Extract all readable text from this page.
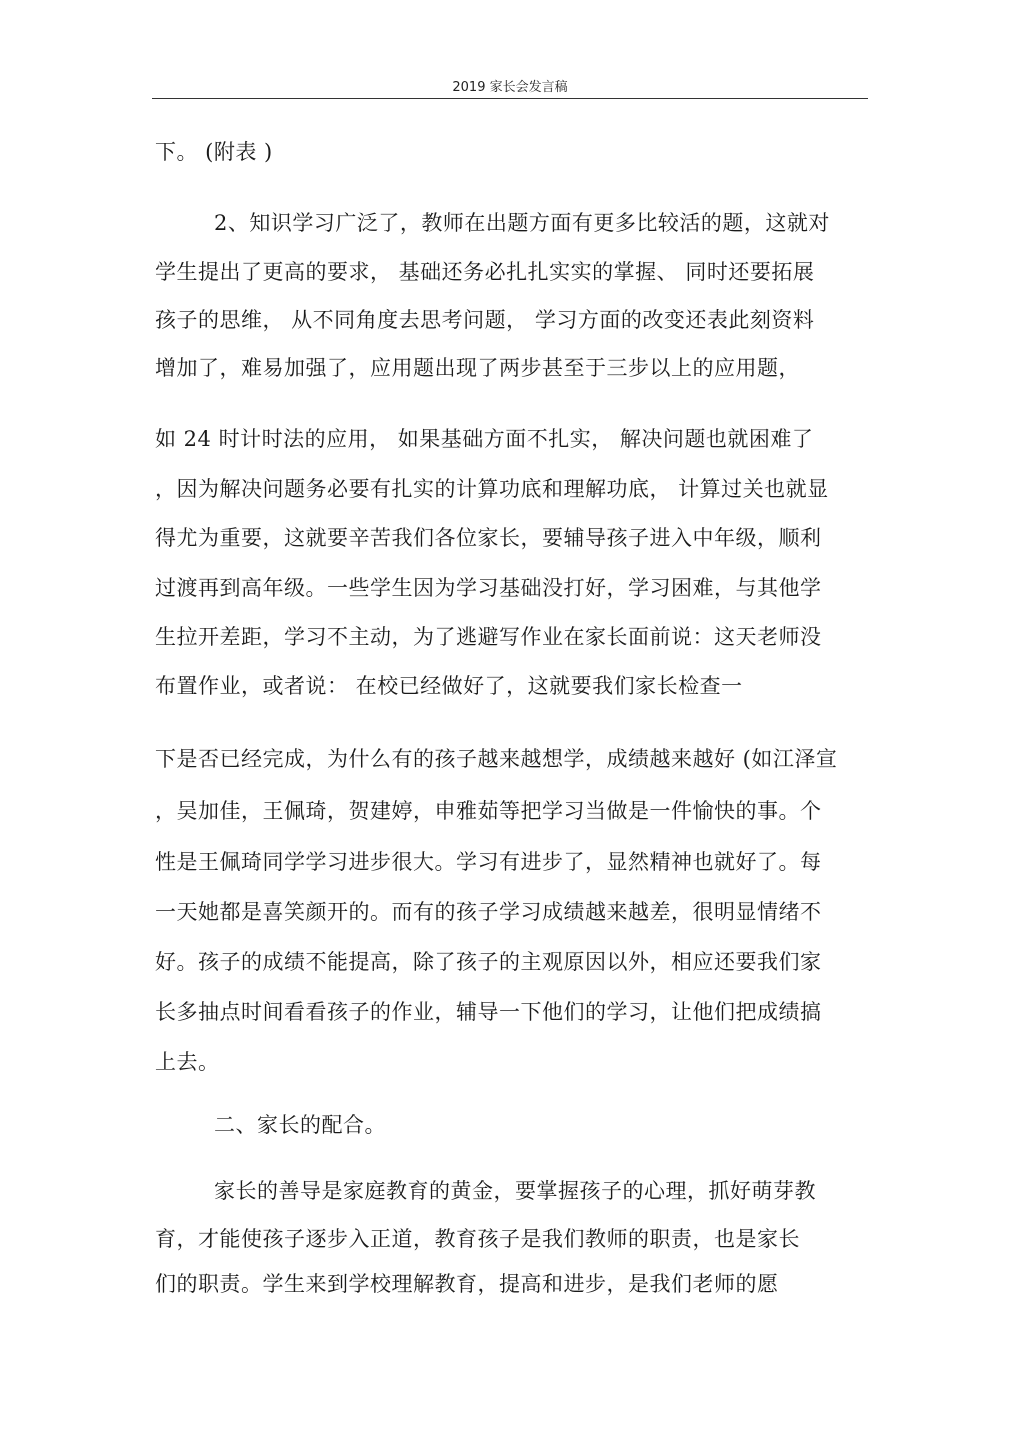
2019 家长会发言稿
下。 (附表 )
2、知识学习广泛了，教师在出题方面有更多比较活的题，这就对
学生提出了更高的要求， 基础还务必扎扎实实的掌握、 同时还要拓展
孩子的思维， 从不同角度去思考问题， 学习方面的改变还表此刻资料
增加了，难易加强了，应用题出现了两步甚至于三步以上的应用题，
如 24 时计时法的应用， 如果基础方面不扎实， 解决问题也就困难了
，因为解决问题务必要有扎实的计算功底和理解功底， 计算过关也就显
得尤为重要，这就要辛苦我们各位家长，要辅导孩子进入中年级，顺利
过渡再到高年级。一些学生因为学习基础没打好，学习困难，与其他学
生拉开差距，学习不主动，为了逃避写作业在家长面前说：这天老师没
布置作业，或者说： 在校已经做好了，这就要我们家长检查一
下是否已经完成，为什么有的孩子越来越想学，成绩越来越好 (如江泽宣
，吴加佳，王佩琦，贺建婷，申雅茹等把学习当做是一件愉快的事。个
性是王佩琦同学学习进步很大。学习有进步了，显然精神也就好了。每
一天她都是喜笑颜开的。而有的孩子学习成绩越来越差，很明显情绪不
好。孩子的成绩不能提高，除了孩子的主观原因以外，相应还要我们家
长多抽点时间看看孩子的作业，辅导一下他们的学习，让他们把成绩搞
上去。
二、家长的配合。
家长的善导是家庭教育的黄金，要掌握孩子的心理，抓好萌芽教
育，才能使孩子逐步入正道，教育孩子是我们教师的职责，也是家长
们的职责。学生来到学校理解教育，提高和进步，是我们老师的愿
